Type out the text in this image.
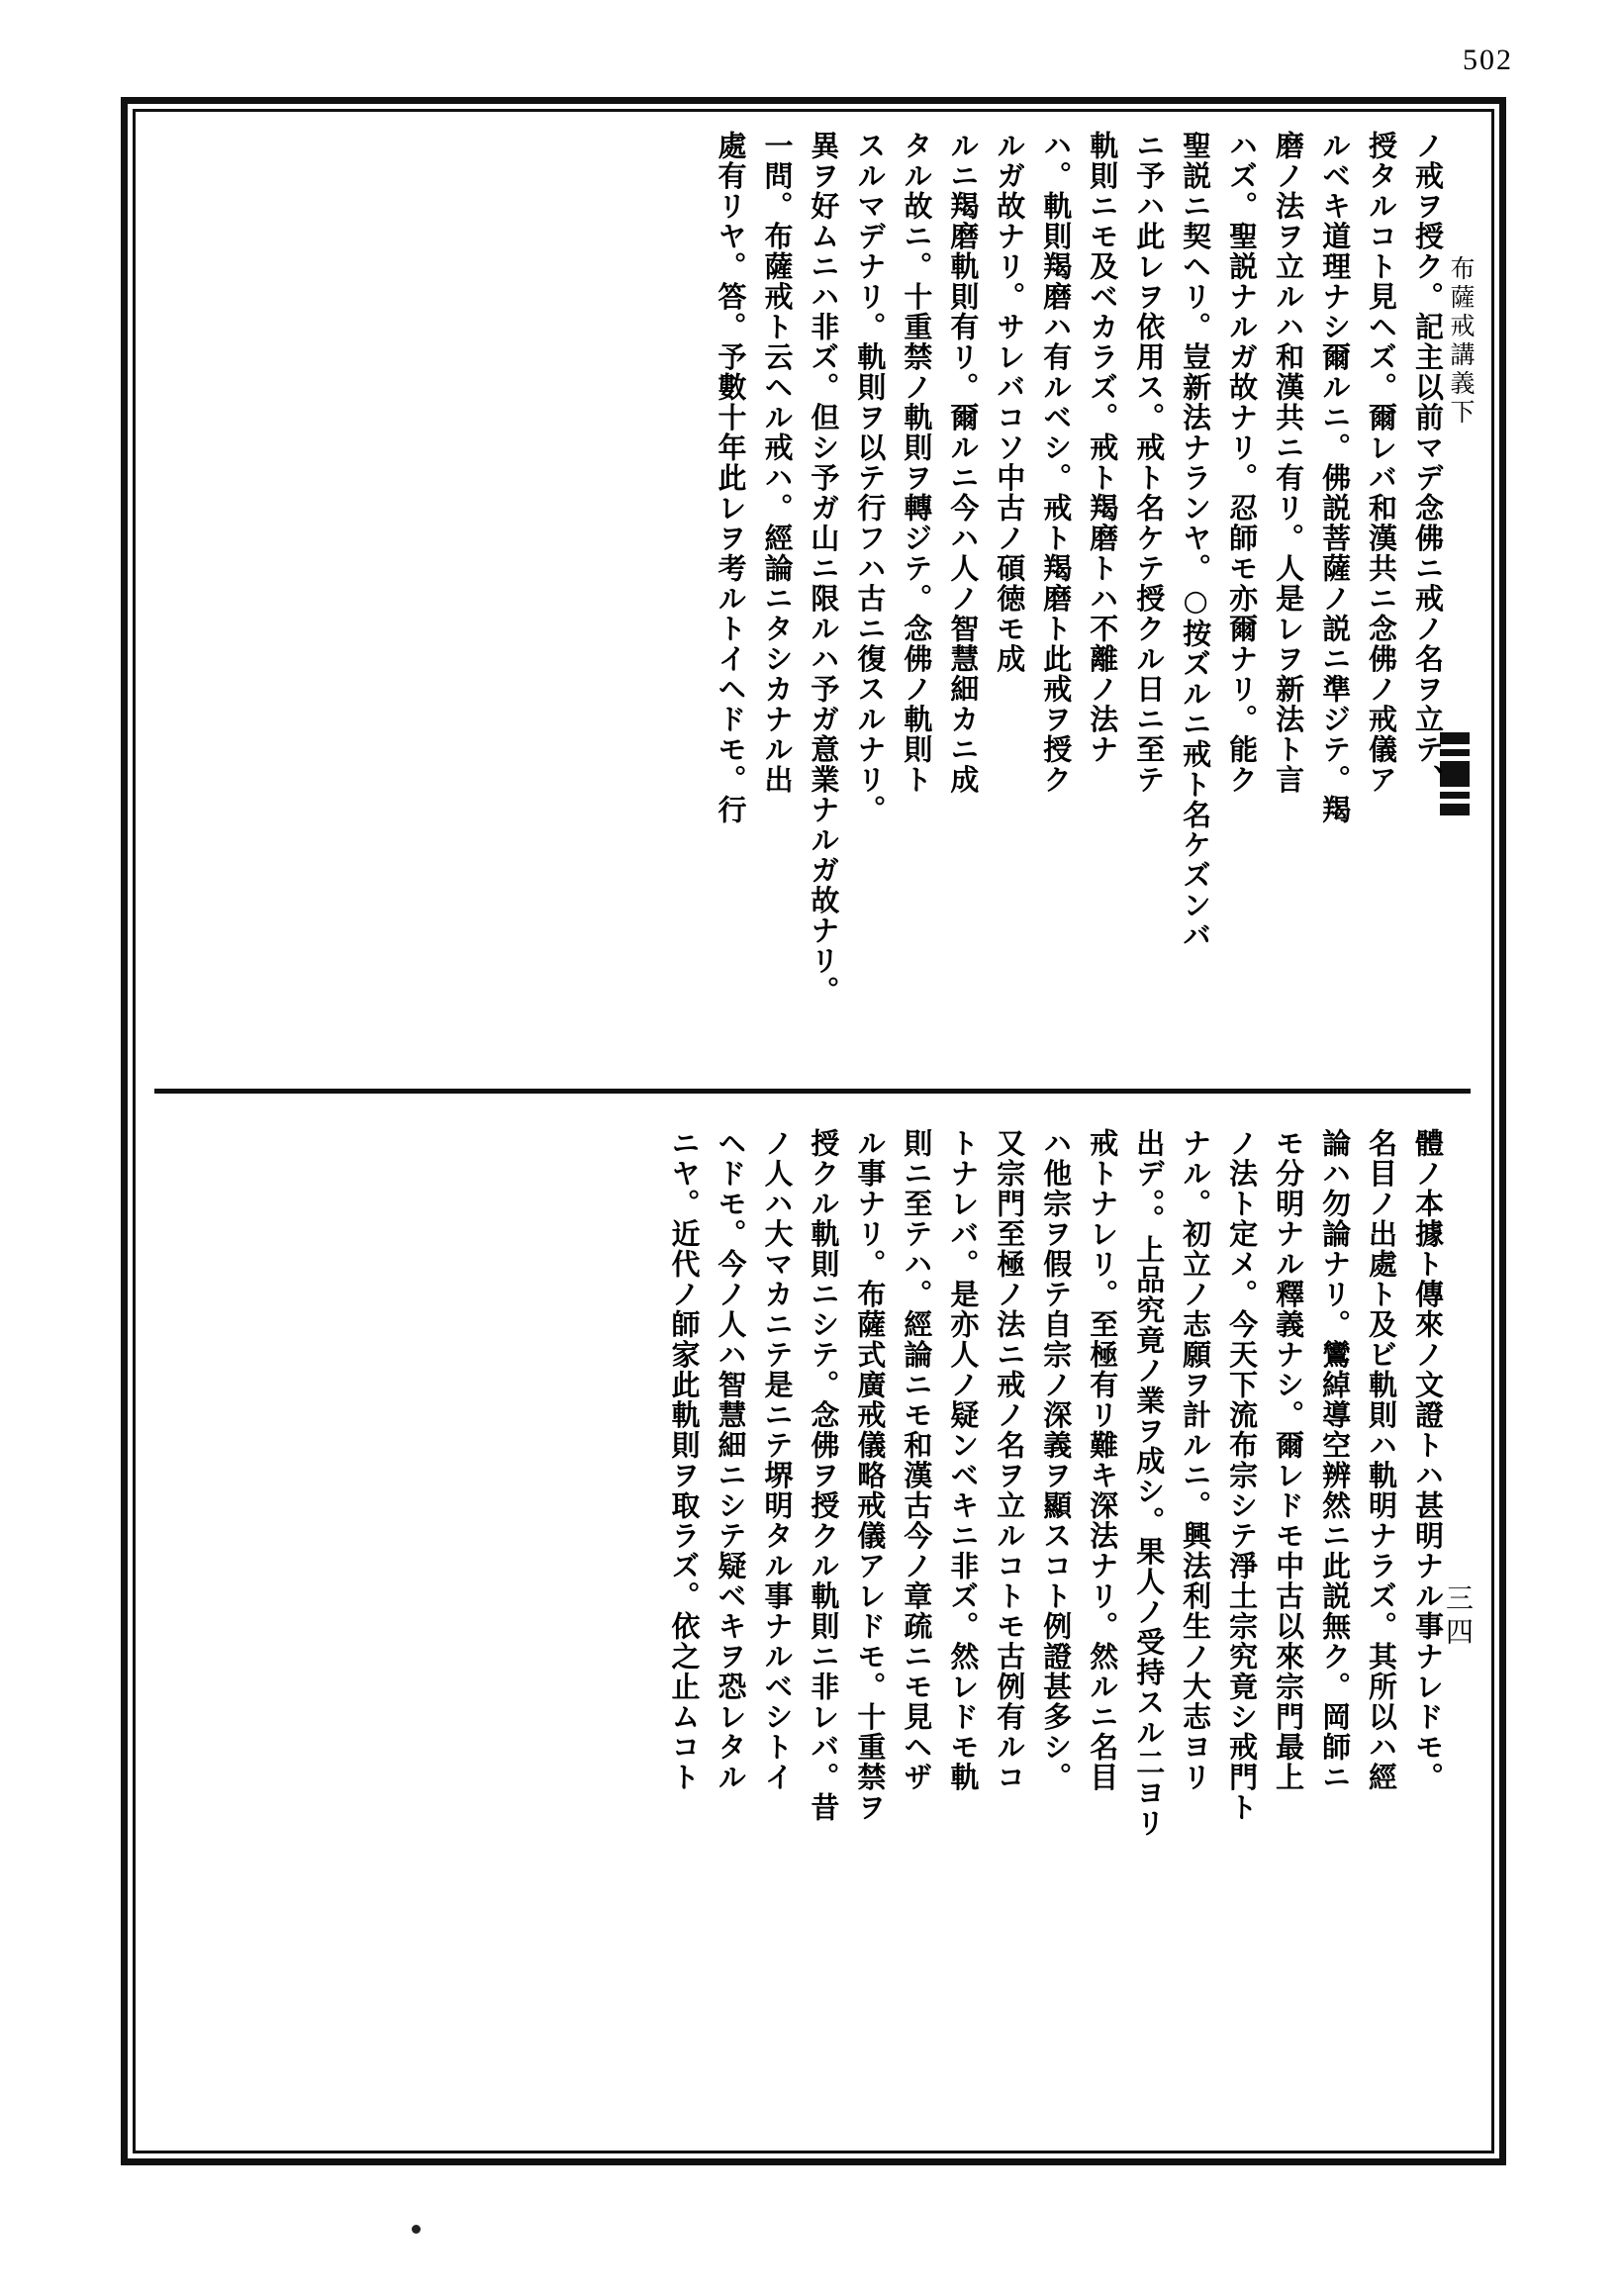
502
布薩戒講義下
三四
ノ戒ヲ授ク。記主以前マデ念佛ニ戒ノ名ヲ立テ、授タルコト見ヘズ。爾レバ和漢共ニ念佛ノ戒儀アルベキ道理ナシ爾ルニ。佛説菩薩ノ説ニ準ジテ。羯磨ノ法ヲ立ルハ和漢共ニ有リ。人是レヲ新法ト言ハズ。聖説ナルガ故ナリ。忍師モ亦爾ナリ。能ク聖説ニ契ヘリ。豈新法ナランヤ。○按ズルニ戒ト名ケズンバニ予ハ此レヲ依用ス。戒ト名ケテ授クル日ニ至テ軌則ニモ及ベカラズ。戒ト羯磨トハ不離ノ法ナハ。軌則羯磨ハ有ルベシ。戒ト羯磨ト此戒ヲ授クルガ故ナリ。サレバコソ中古ノ碩徳モ成ルニ羯磨軌則有リ。爾ルニ今ハ人ノ智慧細カニ成タル故ニ。十重禁ノ軌則ヲ轉ジテ。念佛ノ軌則トスルマデナリ。軌則ヲ以テ行フハ古ニ復スルナリ。異ヲ好ムニハ非ズ。但シ予ガ山ニ限ルハ予ガ意業ナルガ故ナリ。一問。布薩戒ト云ヘル戒ハ。經論ニタシカナル出處有リヤ。答。予數十年此レヲ考ルトイヘドモ。行
體ノ本據ト傳來ノ文證トハ甚明ナル事ナレドモ。名目ノ出處ト及ビ軌則ハ軌明ナラズ。其所以ハ經論ハ勿論ナリ。鸞綽導空辨然ニ此説無ク。岡師ニモ分明ナル釋義ナシ。爾レドモ中古以來宗門最上ノ法ト定メ。今天下流布宗シテ淨土宗究竟シ戒門トナル。初立ノ志願ヲ計ルニ。興法利生ノ大志ヨリ出デ。。上品究竟ノ業ヲ成シ。果人ノ受持スル二ヨリ戒トナレリ。至極有リ難キ深法ナリ。然ルニ名目ハ他宗ヲ假テ自宗ノ深義ヲ顯スコト例證甚多シ。又宗門至極ノ法ニ戒ノ名ヲ立ルコトモ古例有ルコトナレバ。是亦人ノ疑ンベキニ非ズ。然レドモ軌則ニ至テハ。經論ニモ和漢古今ノ章疏ニモ見ヘザル事ナリ。布薩式廣戒儀略戒儀アレドモ。十重禁ヲ授クル軌則ニシテ。念佛ヲ授クル軌則ニ非レバ。昔ノ人ハ大マカニテ是ニテ堺明タル事ナルベシトイヘドモ。今ノ人ハ智慧細ニシテ疑ベキヲ恐レタルニヤ。近代ノ師家此軌則ヲ取ラズ。依之止ムコト
